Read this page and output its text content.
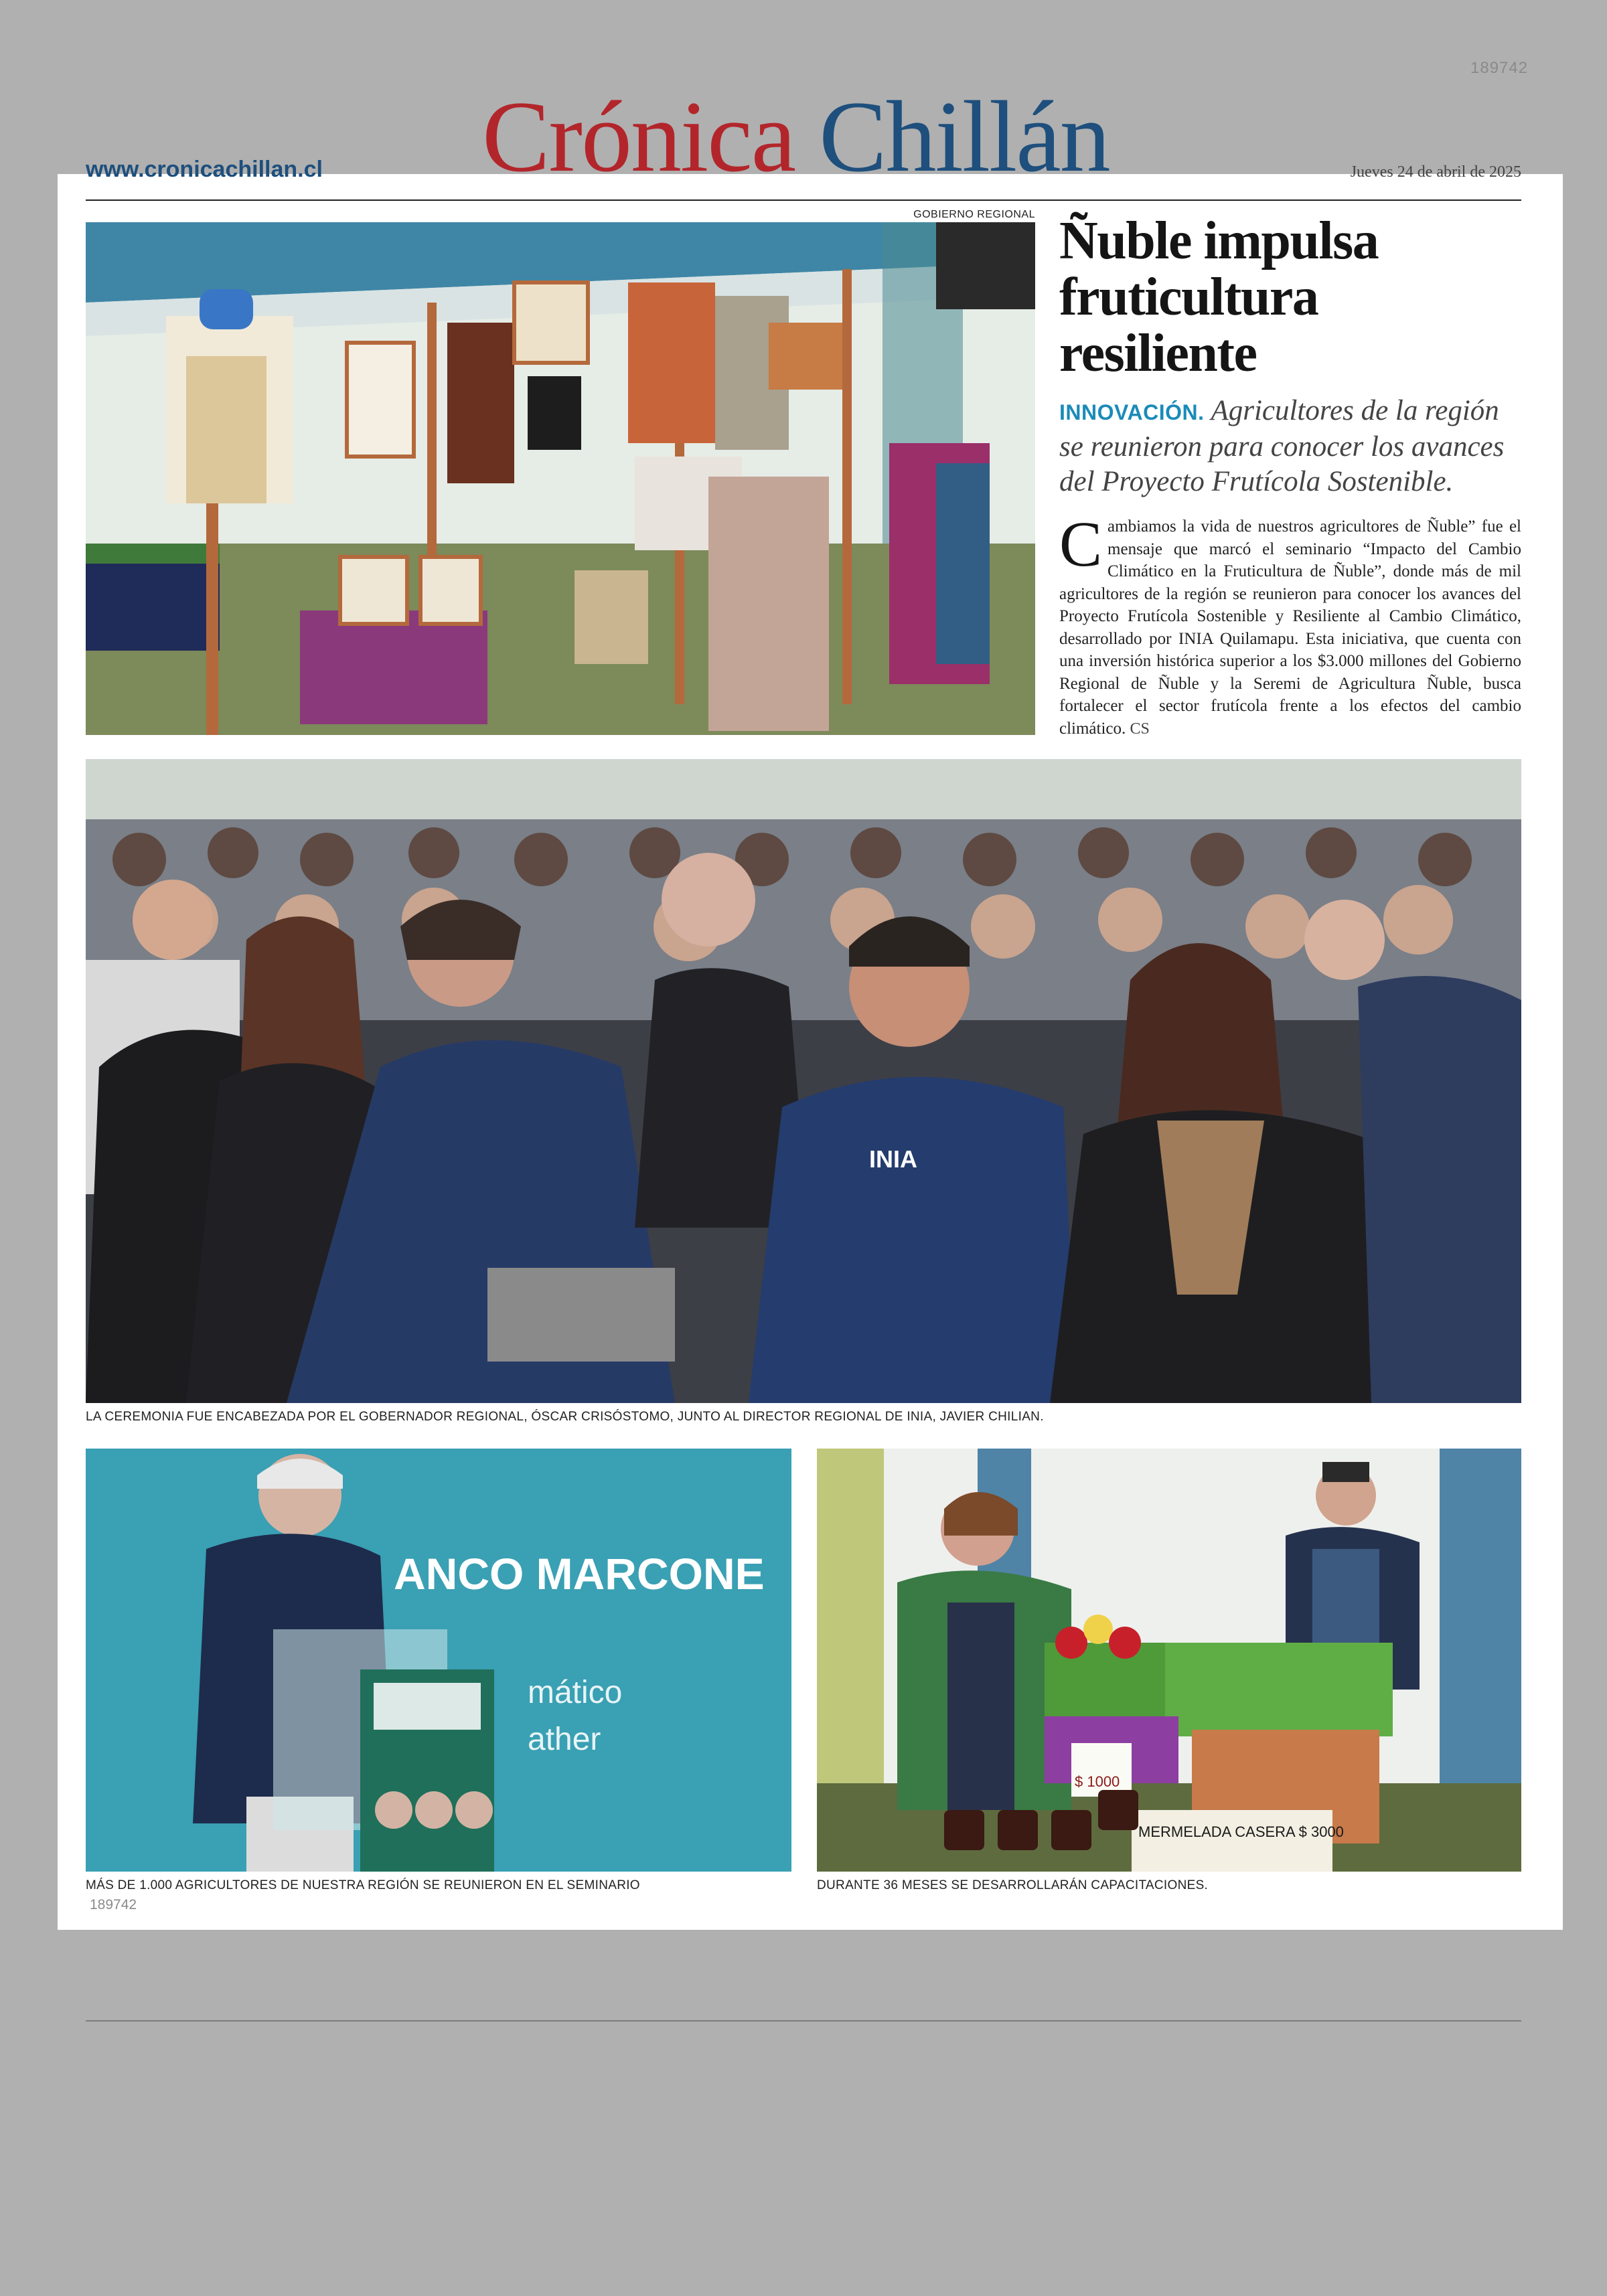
189742
Crónica Chillán
www.cronicachillan.cl	Jueves 24 de abril de 2025
GOBIERNO REGIONAL Ñuble impulsa fruticultura resiliente
INNOVACIÓN. Agricultores de la región se reunieron para conocer los avances del Proyecto Frutícola Sostenible.
Cambiamos la vida de nuestros agricultores de Ñuble” fue el mensaje que marcó el seminario “Impacto del Cambio Climático en la Fruticultura de Ñuble”, donde más de mil agricultores de la región se reunieron para conocer los avances del Proyecto Frutícola Sostenible y Resiliente al Cambio Climático, desarrollado por INIA Quilamapu. Esta iniciativa, que cuenta con una inversión histórica superior a los $3.000 millones del Gobierno Regional de Ñuble y la Seremi de Agricultura Ñuble, busca fortalecer el sector frutícola frente a los efectos del cambio climático. CS
INIA
LA CEREMONIA FUE ENCABEZADA POR EL GOBERNADOR REGIONAL, ÓSCAR CRISÓSTOMO, JUNTO AL DIRECTOR REGIONAL DE INIA, JAVIER CHILIAN.
ANCO MARCONE
mático
ather
MÁS DE 1.000 AGRICULTORES DE NUESTRA REGIÓN SE REUNIERON EN EL SEMINARIO
$ 1000
MERMELADA CASERA $ 3000
DURANTE 36 MESES SE DESARROLLARÁN CAPACITACIONES.
189742
